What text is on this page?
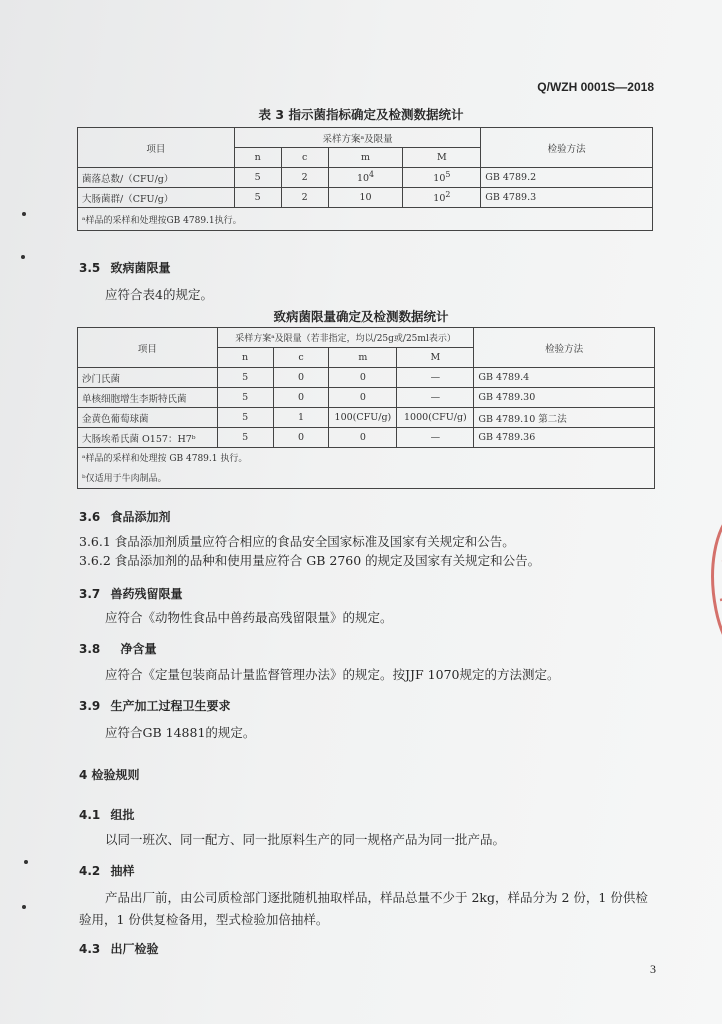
Q/WZH 0001S—2018
表 3 指示菌指标确定及检测数据统计
项目	采样方案ᵃ及限量				检验方法
	n	c	m	M	
菌落总数/（CFU/g）	5	2	$10^4$	$10^5$	GB 4789.2
大肠菌群/（CFU/g）	5	2	10	$10^2$	GB 4789.3
ᵃ样品的采样和处理按GB 4789.1执行。					
3.5 致病菌限量
应符合表4的规定。
致病菌限量确定及检测数据统计
项目	采样方案ᵃ及限量（若非指定，均以/25g或/25ml表示）				检验方法
	n	c	m	M	
沙门氏菌	5	0	0	—	GB 4789.4
单核细胞增生李斯特氏菌	5	0	0	—	GB 4789.30
金黄色葡萄球菌	5	1	100(CFU/g)	1000(CFU/g)	GB 4789.10 第二法
大肠埃希氏菌 O157：H7ᵇ	5	0	0	—	GB 4789.36
ᵃ样品的采样和处理按 GB 4789.1 执行。					
ᵇ仅适用于牛肉制品。					
3.6 食品添加剂
3.6.1 食品添加剂质量应符合相应的食品安全国家标准及国家有关规定和公告。
3.6.2 食品添加剂的品种和使用量应符合 GB 2760 的规定及国家有关规定和公告。
3.7 兽药残留限量
应符合《动物性食品中兽药最高残留限量》的规定。
3.8 净含量
应符合《定量包装商品计量监督管理办法》的规定。按JJF 1070规定的方法测定。
3.9 生产加工过程卫生要求
应符合GB 14881的规定。
4 检验规则
4.1 组批
以同一班次、同一配方、同一批原料生产的同一规格产品为同一批产品。
4.2 抽样
产品出厂前，由公司质检部门逐批随机抽取样品，样品总量不少于 2kg，样品分为 2 份，1 份供检
验用，1 份供复检备用，型式检验加倍抽样。
4.3 出厂检验
3
